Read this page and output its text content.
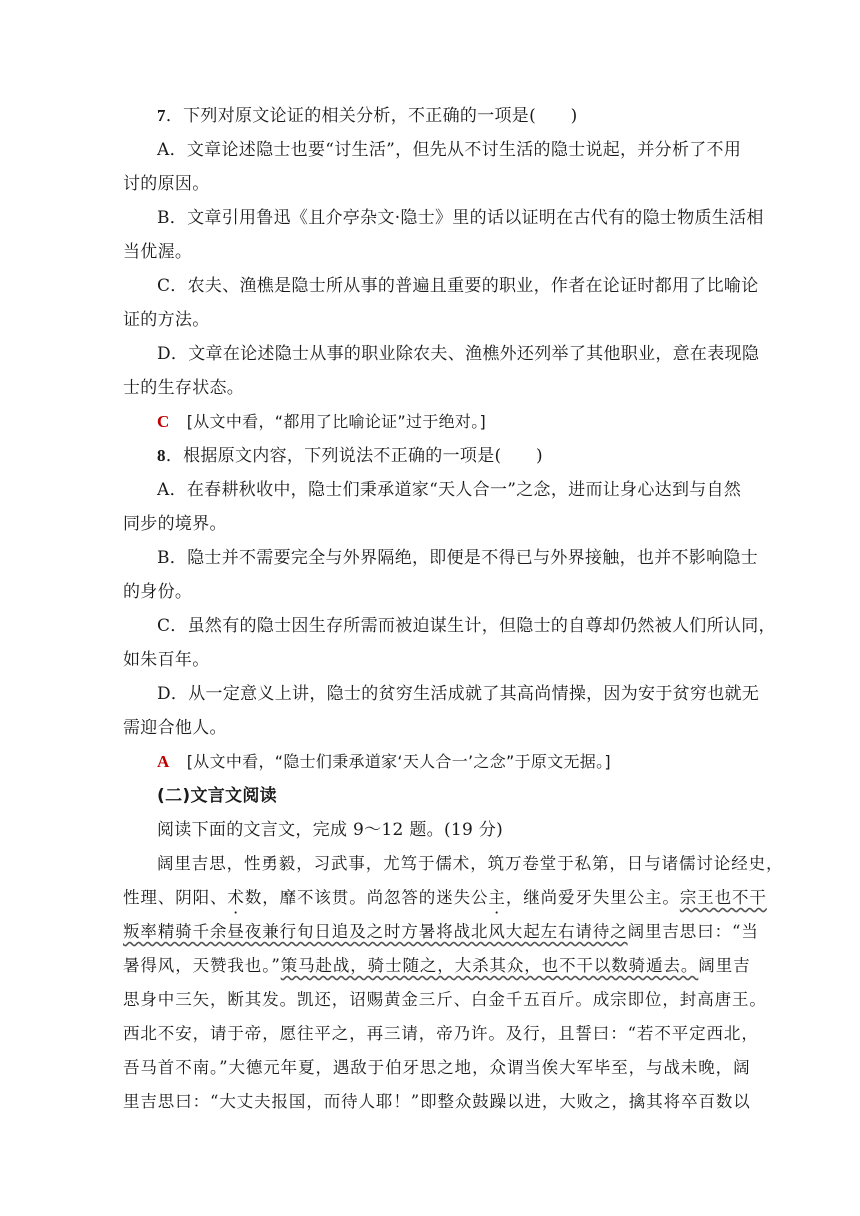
7．下列对原文论证的相关分析，不正确的一项是(　　)
A．文章论述隐士也要“讨生活”，但先从不讨生活的隐士说起，并分析了不用
讨的原因。
B．文章引用鲁迅《且介亭杂文·隐士》里的话以证明在古代有的隐士物质生活相
当优渥。
C．农夫、渔樵是隐士所从事的普遍且重要的职业，作者在论证时都用了比喻论
证的方法。
D．文章在论述隐士从事的职业除农夫、渔樵外还列举了其他职业，意在表现隐
士的生存状态。
C [从文中看，“都用了比喻论证”过于绝对。]
8．根据原文内容，下列说法不正确的一项是(　　)
A．在春耕秋收中，隐士们秉承道家“天人合一”之念，进而让身心达到与自然
同步的境界。
B．隐士并不需要完全与外界隔绝，即便是不得已与外界接触，也并不影响隐士
的身份。
C．虽然有的隐士因生存所需而被迫谋生计，但隐士的自尊却仍然被人们所认同，
如朱百年。
D．从一定意义上讲，隐士的贫穷生活成就了其高尚情操，因为安于贫穷也就无
需迎合他人。
A [从文中看，“隐士们秉承道家‘天人合一’之念”于原文无据。]
(二)文言文阅读
阅读下面的文言文，完成 9～12 题。(19 分)
阔里吉思，性勇毅，习武事，尤笃于儒术，筑万卷堂于私第，日与诸儒讨论经史，
性理、阴阳、术数，靡不该贯。尚忽答的迷失公主，继尚爱牙失里公主。宗王也不干
叛率精骑千余昼夜兼行旬日追及之时方暑将战北风大起左右请待之阔里吉思曰：“当
暑得风，天赞我也。”策马赴战，骑士随之，大杀其众，也不干以数骑遁去。阔里吉
思身中三矢，断其发。凯还，诏赐黄金三斤、白金千五百斤。成宗即位，封高唐王。
西北不安，请于帝，愿往平之，再三请，帝乃许。及行，且誓曰：“若不平定西北，
吾马首不南。”大德元年夏，遇敌于伯牙思之地，众谓当俟大军毕至，与战未晚，阔
里吉思曰：“大丈夫报国，而待人耶！”即整众鼓躁以进，大败之，擒其将卒百数以
